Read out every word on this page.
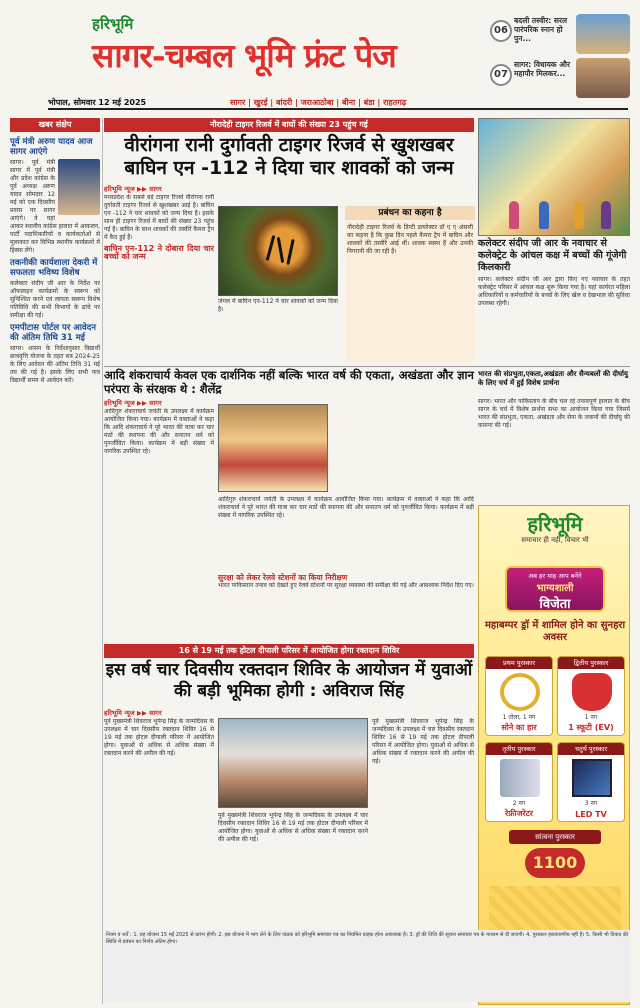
हरिभूमि
सागर-चम्बल भूमि फ्रंट पेज
भोपाल, सोमवार 12 मई 2025	सागर | खुरई | बांदरी | जराआठोबा | बीना | बंडा | राहतगढ़
06
बदली तस्वीर: सरल पारंपरिक स्नान हो पुन...
07
सागर: विधायक और महापौर मिलकर...
खबर संक्षेप
पूर्व मंत्री अरुण यादव आज सागर आएंगे
सागर। पूर्व मंत्री सागर में पूर्व मंत्री और प्रदेश कांग्रेस के पूर्व अध्यक्ष अरुण यादव सोमवार 12 मई को एक दिवसीय प्रवास पर सागर आएंगे। वे यहां आकर स्थानीय कांग्रेस हालात में आकलन, पार्टी पदाधिकारियों व कार्यकर्ताओं से मुलाकात कर विभिन्न स्थानीय कार्यक्रमों में हिस्सा लेंगे।
तकनीकी कार्यशाला देकरी में सफलता भविष्य विशेष
कलेक्टर संदीप जी आर के निर्देश पर ऑफलाइन कार्यक्रमों के स्वरूप को सुनिश्चित करने एवं लापता स्वरूप विशेष गतिविधि की सभी विभागों के ढांचे पर समीक्षा की गई।
एमपीटास पोर्टल पर आवेदन की अंतिम तिथि 31 मई
सागर। शासन के निर्देशानुसार विद्यार्थी छात्रवृत्ति योजना के तहत सत्र 2024-25 के लिए आवेदन की अंतिम तिथि 31 मई तय की गई है। इसके लिए सभी पात्र विद्यार्थी समय से आवेदन करें।
नौरादेही टाइगर रिजर्व में बाघों की संख्या 23 पहुंच गई
वीरांगना रानी दुर्गावती टाइगर रिजर्व से खुशखबर बाघिन एन -112 ने दिया चार शावकों को जन्म
हरिभूमि न्यूज ▶▶ सागर
मध्यप्रदेश के सबसे बड़े टाइगर रिजर्व वीरांगना रानी दुर्गावती टाइगर रिजर्व से खुशखबर आई है। बाघिन एन -112 ने चार शावकों को जन्म दिया है। इसके साथ ही टाइगर रिजर्व में बाघों की संख्या 23 पहुंच गई है। बाघिन के साथ शावकों की तस्वीरें कैमरा ट्रैप में कैद हुई हैं।
बाघिन एन-112 ने दोबारा दिया चार बच्चों को जन्म
जंगल में बाघिन एन-112 ने चार शावकों को जन्म दिया है।
प्रबंधन का कहना है
नौरादेही टाइगर रिजर्व के डिप्टी डायरेक्टर डॉ ए ए अंसारी का कहना है कि कुछ दिन पहले कैमरा ट्रैप में बाघिन और शावकों की तस्वीरें आई थीं। शावक स्वस्थ हैं और उनकी निगरानी की जा रही है।
कलेक्टर संदीप जी आर के नवाचार से कलेक्ट्रेट के आंचल कक्ष में बच्चों की गूंजेगी किलकारी
सागर। कलेक्टर संदीप जी आर द्वारा किए गए नवाचार के तहत कलेक्ट्रेट परिसर में आंचल कक्ष शुरू किया गया है। यहां कार्यरत महिला अधिकारियों व कर्मचारियों के बच्चों के लिए खेल व देखभाल की सुविधा उपलब्ध रहेगी।
आदि शंकराचार्य केवल एक दार्शनिक नहीं बल्कि भारत वर्ष की एकता, अखंडता और ज्ञान परंपरा के संरक्षक थे : शैलेंद्र
हरिभूमि न्यूज ▶▶ सागर
आदिगुरु शंकराचार्य जयंती के उपलक्ष्य में कार्यक्रम आयोजित किया गया। कार्यक्रम में वक्ताओं ने कहा कि आदि शंकराचार्य ने पूरे भारत की यात्रा कर चार मठों की स्थापना की और सनातन धर्म को पुनर्जीवित किया। कार्यक्रम में बड़ी संख्या में नागरिक उपस्थित रहे।
आदिगुरु शंकराचार्य जयंती के उपलक्ष्य में कार्यक्रम आयोजित किया गया। कार्यक्रम में वक्ताओं ने कहा कि आदि शंकराचार्य ने पूरे भारत की यात्रा कर चार मठों की स्थापना की और सनातन धर्म को पुनर्जीवित किया। कार्यक्रम में बड़ी संख्या में नागरिक उपस्थित रहे।
सुरक्षा को लेकर रेलवे स्टेशनों का किया निरीक्षण
भारत पाकिस्तान तनाव को देखते हुए रेलवे स्टेशनों पर सुरक्षा व्यवस्था की समीक्षा की गई और आवश्यक निर्देश दिए गए।
भारत की संप्रभुता,एकता,अखंडता और सैन्यबलों की दीर्घायु के लिए चर्च में हुई विशेष प्रार्थना
सागर। भारत और पाकिस्तान के बीच चल रहे तनावपूर्ण हालात के बीच सागर के चर्च में विशेष प्रार्थना सभा का आयोजन किया गया जिसमें भारत की संप्रभुता, एकता, अखंडता और सेना के जवानों की दीर्घायु की कामना की गई।
हरिभूमि
समाचार ही नहीं, विचार भी
अब हर माह आप बनेंगे
भाग्यशाली
विजेता
महाबम्पर ड्रॉ में शामिल होने का सुनहरा अवसर
प्रथम पुरस्कार
1 तोला, 1 नग
सोने का हार
द्वितीय पुरस्कार
1 नग
1 स्कूटी (EV)
तृतीय पुरस्कार
2 नग
रेफ्रीजरेटर
चतुर्थ पुरस्कार
3 नग
LED TV
सांत्वना पुरस्कार
1100
16 से 19 मई तक होटल दीपाली परिसर में आयोजित होगा रक्तदान शिविर
इस वर्ष चार दिवसीय रक्तदान शिविर के आयोजन में युवाओं की बड़ी भूमिका होगी : अविराज सिंह
हरिभूमि न्यूज ▶▶ सागर
पूर्व मुख्यमंत्री शिवराज भूपेन्द्र सिंह के जन्मदिवस के उपलक्ष्य में चार दिवसीय रक्तदान शिविर 16 से 19 मई तक होटल दीपाली परिसर में आयोजित होगा। युवाओं से अधिक से अधिक संख्या में रक्तदान करने की अपील की गई।
पूर्व मुख्यमंत्री शिवराज भूपेन्द्र सिंह के जन्मदिवस के उपलक्ष्य में चार दिवसीय रक्तदान शिविर 16 से 19 मई तक होटल दीपाली परिसर में आयोजित होगा। युवाओं से अधिक से अधिक संख्या में रक्तदान करने की अपील की गई।
पूर्व मुख्यमंत्री शिवराज भूपेन्द्र सिंह के जन्मदिवस के उपलक्ष्य में चार दिवसीय रक्तदान शिविर 16 से 19 मई तक होटल दीपाली परिसर में आयोजित होगा। युवाओं से अधिक से अधिक संख्या में रक्तदान करने की अपील की गई।
नियम व शर्तें : 1. यह योजना 15 मई 2025 से प्रारंभ होगी। 2. इस योजना में भाग लेने के लिए पाठक को हरिभूमि समाचार पत्र का नियमित ग्राहक होना आवश्यक है। 3. ड्रॉ की तिथि की सूचना समाचार पत्र के माध्यम से दी जाएगी। 4. पुरस्कार हस्तांतरणीय नहीं हैं। 5. किसी भी विवाद की स्थिति में प्रबंधन का निर्णय अंतिम होगा।
